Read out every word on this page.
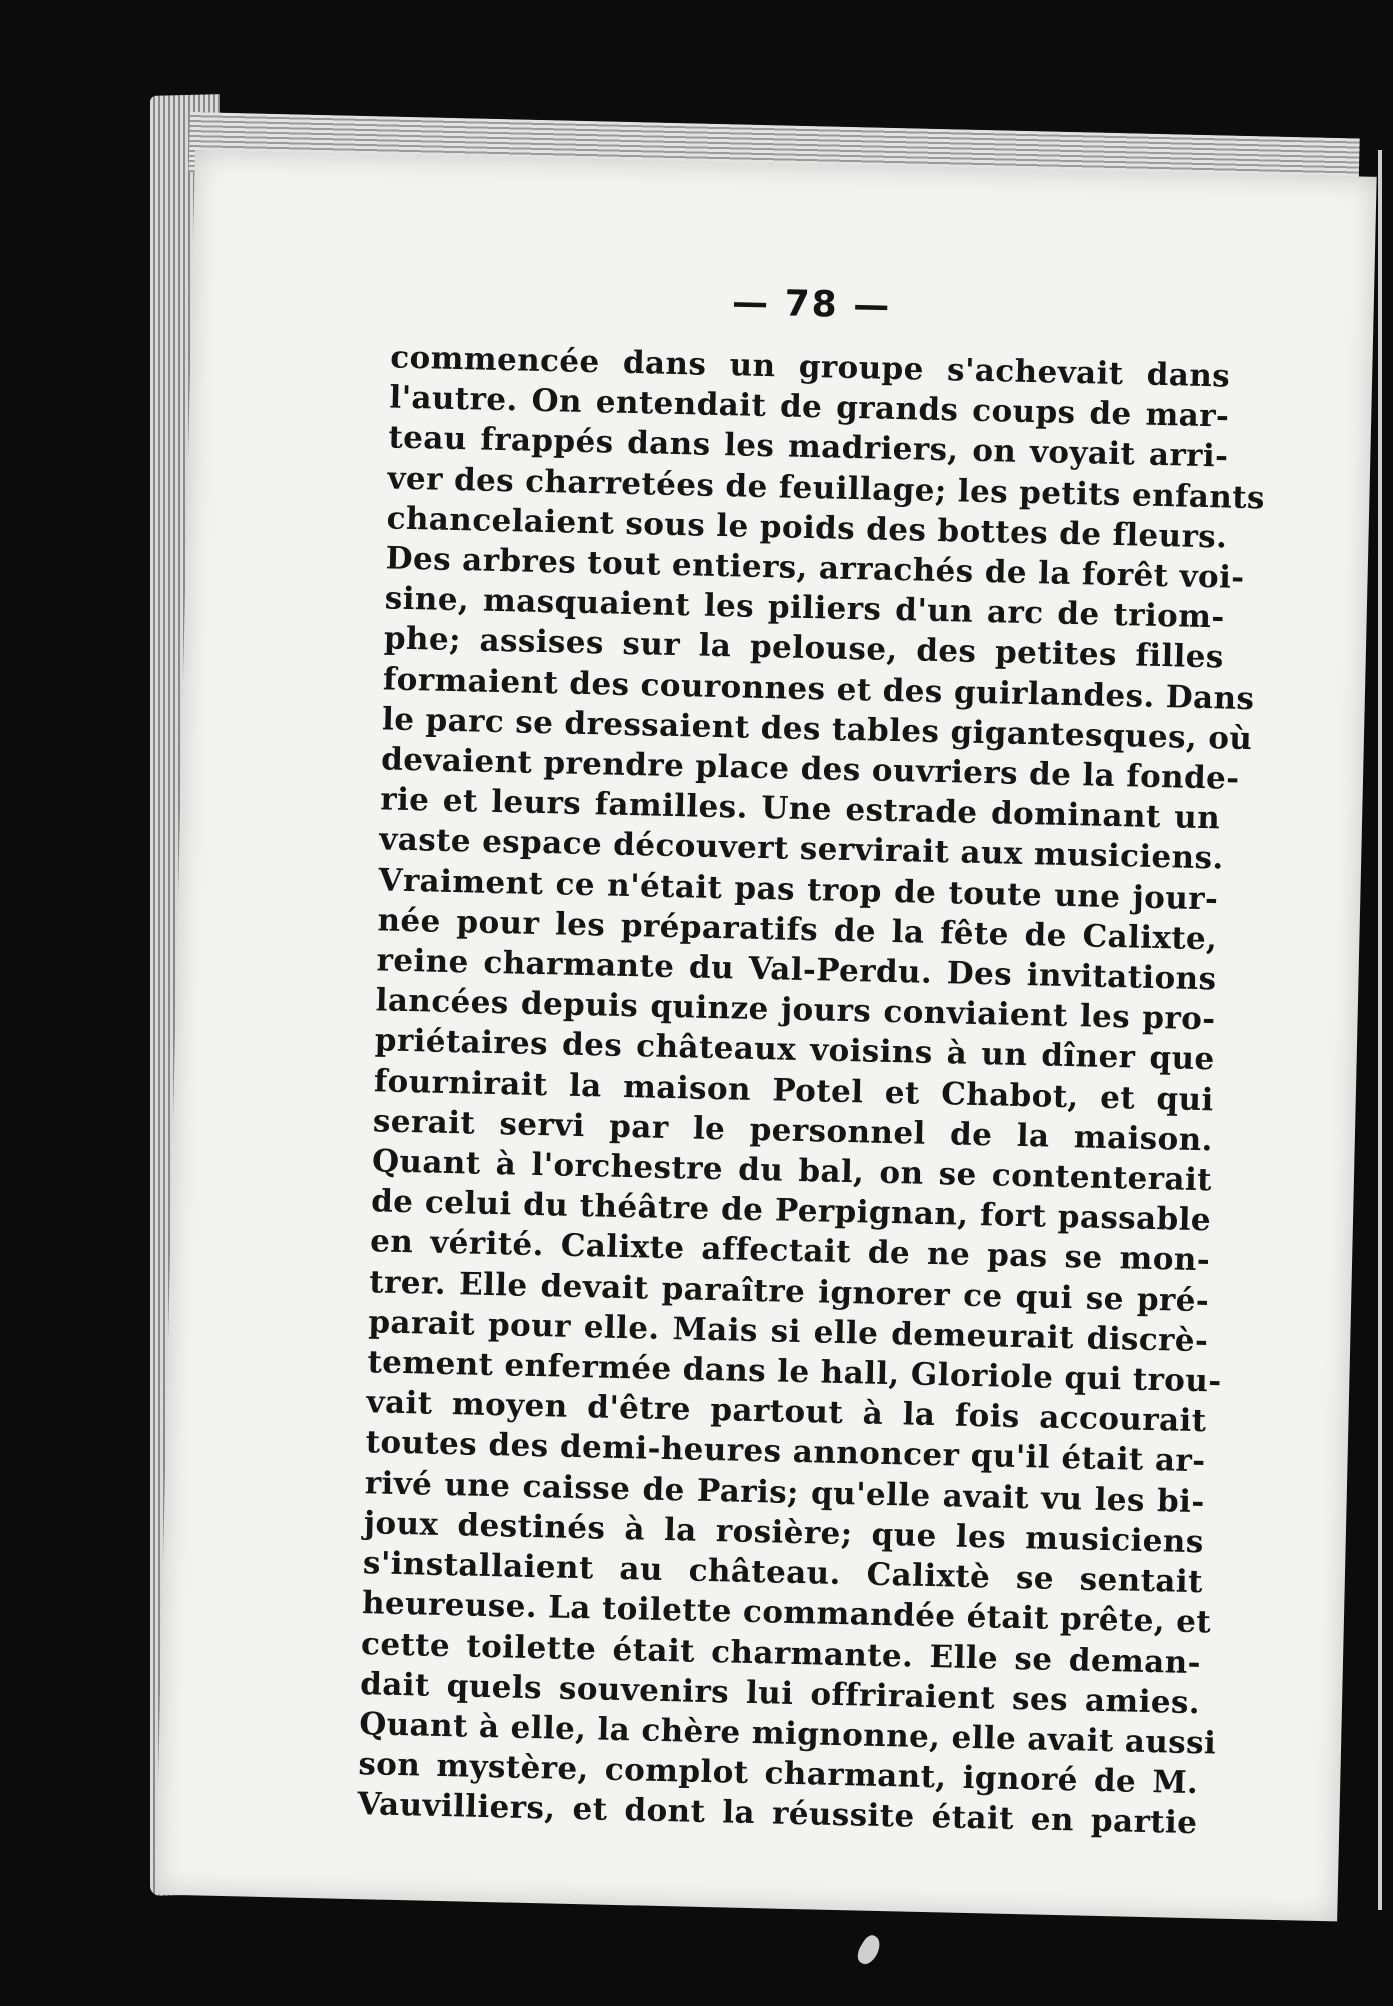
— 78 —
commencée dans un groupe s'achevait dans
l'autre. On entendait de grands coups de mar-
teau frappés dans les madriers, on voyait arri-
ver des charretées de feuillage; les petits enfants
chancelaient sous le poids des bottes de fleurs.
Des arbres tout entiers, arrachés de la forêt voi-
sine, masquaient les piliers d'un arc de triom-
phe; assises sur la pelouse, des petites filles
formaient des couronnes et des guirlandes. Dans
le parc se dressaient des tables gigantesques, où
devaient prendre place des ouvriers de la fonde-
rie et leurs familles. Une estrade dominant un
vaste espace découvert servirait aux musiciens.
Vraiment ce n'était pas trop de toute une jour-
née pour les préparatifs de la fête de Calixte,
reine charmante du Val-Perdu. Des invitations
lancées depuis quinze jours conviaient les pro-
priétaires des châteaux voisins à un dîner que
fournirait la maison Potel et Chabot, et qui
serait servi par le personnel de la maison.
Quant à l'orchestre du bal, on se contenterait
de celui du théâtre de Perpignan, fort passable
en vérité. Calixte affectait de ne pas se mon-
trer. Elle devait paraître ignorer ce qui se pré-
parait pour elle. Mais si elle demeurait discrè-
tement enfermée dans le hall, Gloriole qui trou-
vait moyen d'être partout à la fois accourait
toutes des demi-heures annoncer qu'il était ar-
rivé une caisse de Paris; qu'elle avait vu les bi-
joux destinés à la rosière; que les musiciens
s'installaient au château. Calixtè se sentait
heureuse. La toilette commandée était prête, et
cette toilette était charmante. Elle se deman-
dait quels souvenirs lui offriraient ses amies.
Quant à elle, la chère mignonne, elle avait aussi
son mystère, complot charmant, ignoré de M.
Vauvilliers, et dont la réussite était en partie
